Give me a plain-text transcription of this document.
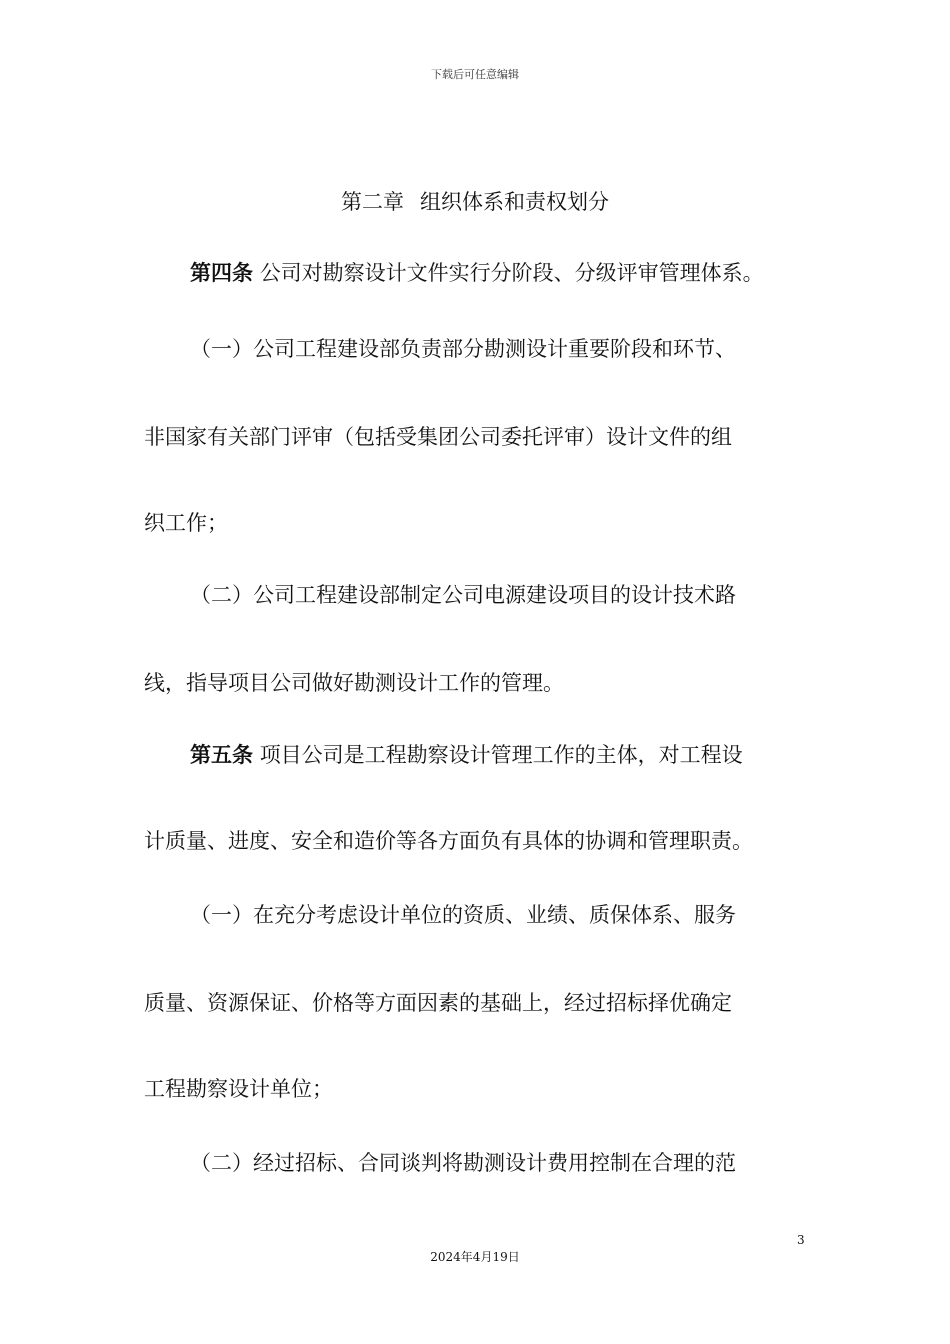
下载后可任意编辑
第二章 组织体系和责权划分
第四条 公司对勘察设计文件实行分阶段、分级评审管理体系。
（一）公司工程建设部负责部分勘测设计重要阶段和环节、
非国家有关部门评审（包括受集团公司委托评审）设计文件的组
织工作；
（二）公司工程建设部制定公司电源建设项目的设计技术路
线，指导项目公司做好勘测设计工作的管理。
第五条 项目公司是工程勘察设计管理工作的主体，对工程设
计质量、进度、安全和造价等各方面负有具体的协调和管理职责。
（一）在充分考虑设计单位的资质、业绩、质保体系、服务
质量、资源保证、价格等方面因素的基础上，经过招标择优确定
工程勘察设计单位；
（二）经过招标、合同谈判将勘测设计费用控制在合理的范
3
2024年4月19日
